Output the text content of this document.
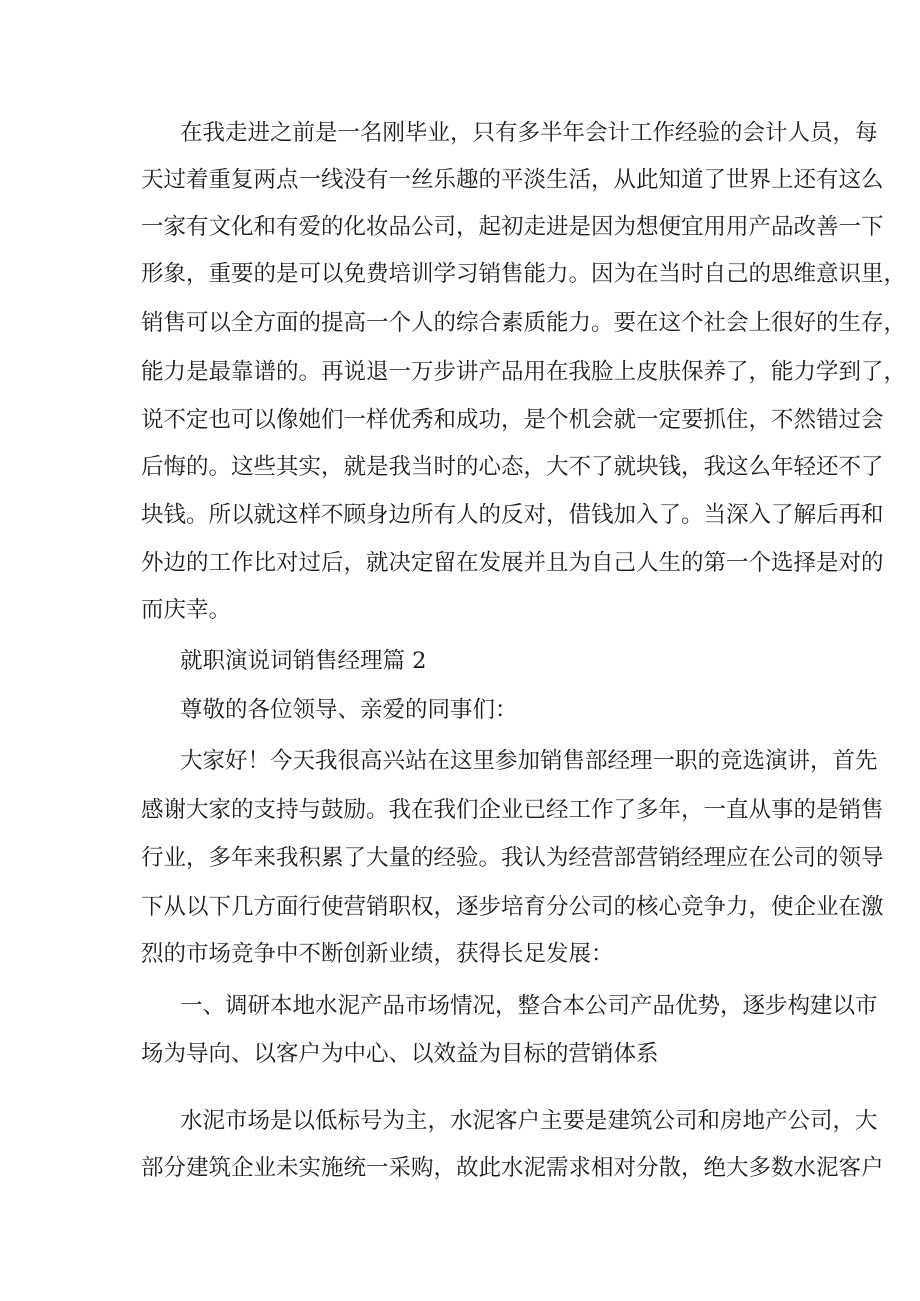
在我走进之前是一名刚毕业，只有多半年会计工作经验的会计人员，每
天过着重复两点一线没有一丝乐趣的平淡生活，从此知道了世界上还有这么
一家有文化和有爱的化妆品公司，起初走进是因为想便宜用用产品改善一下
形象，重要的是可以免费培训学习销售能力。因为在当时自己的思维意识里，
销售可以全方面的提高一个人的综合素质能力。要在这个社会上很好的生存，
能力是最靠谱的。再说退一万步讲产品用在我脸上皮肤保养了，能力学到了，
说不定也可以像她们一样优秀和成功，是个机会就一定要抓住，不然错过会
后悔的。这些其实，就是我当时的心态，大不了就块钱，我这么年轻还不了
块钱。所以就这样不顾身边所有人的反对，借钱加入了。当深入了解后再和
外边的工作比对过后，就决定留在发展并且为自己人生的第一个选择是对的
而庆幸。
就职演说词销售经理篇 2
尊敬的各位领导、亲爱的同事们：
大家好！今天我很高兴站在这里参加销售部经理一职的竞选演讲，首先
感谢大家的支持与鼓励。我在我们企业已经工作了多年，一直从事的是销售
行业，多年来我积累了大量的经验。我认为经营部营销经理应在公司的领导
下从以下几方面行使营销职权，逐步培育分公司的核心竞争力，使企业在激
烈的市场竞争中不断创新业绩，获得长足发展：
一、调研本地水泥产品市场情况，整合本公司产品优势，逐步构建以市
场为导向、以客户为中心、以效益为目标的营销体系
水泥市场是以低标号为主，水泥客户主要是建筑公司和房地产公司，大
部分建筑企业未实施统一采购，故此水泥需求相对分散，绝大多数水泥客户
